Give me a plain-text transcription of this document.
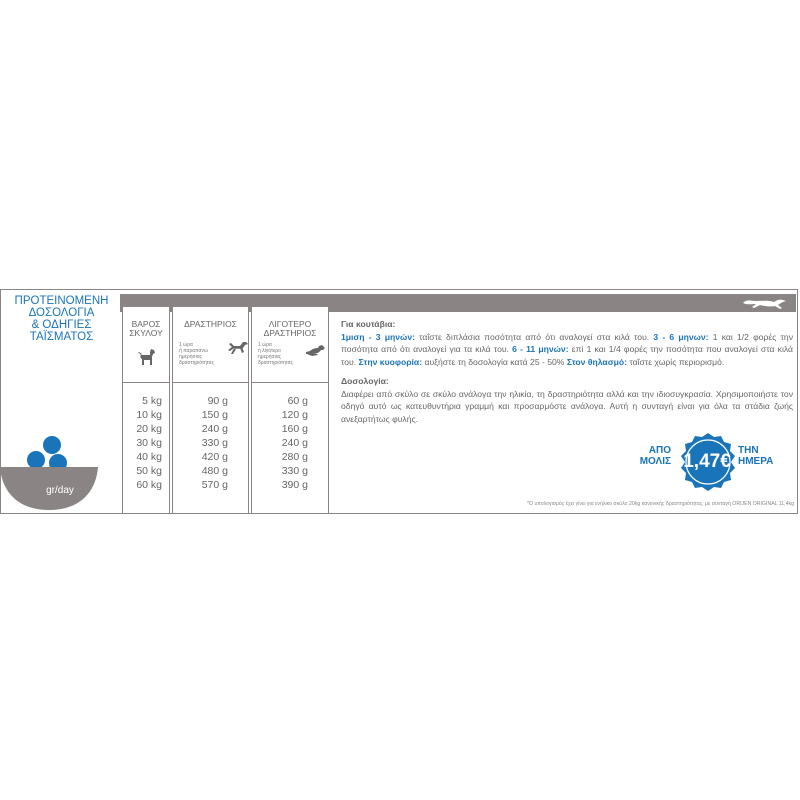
ΠΡΟΤΕΙΝΟΜΕΝΗ
ΔΟΣΟΛΟΓΙΑ
& ΟΔΗΓΙΕΣ
ΤΑΪΣΜΑΤΟΣ
gr/day
ΒΑΡΟΣ
ΣΚΥΛΟΥ
5 kg
10 kg
20 kg
30 kg
40 kg
50 kg
60 kg
ΔΡΑΣΤΗΡΙΟΣ
1 ώρα
ή παραπάνω
ημερήσιας
δραστηριότητας
90 g
150 g
240 g
330 g
420 g
480 g
570 g
ΛΙΓΟΤΕΡΟ
ΔΡΑΣΤΗΡΙΟΣ
1 ώρα
ή λιγότερο
ημερήσιας
δραστηριότητας
60 g
120 g
160 g
240 g
280 g
330 g
390 g

Για κουτάβια:

1μιση - 3 μηνών: ταΐστε διπλάσια ποσότητα από ότι αναλογεί στα κιλά του. 3 - 6 μηνων: 1 και 1/2 φορές την ποσότητα από ότι αναλογεί για τα κιλά του. 6 - 11 μηνών: επί 1 και 1/4 φορές την ποσότητα που αναλογεί στα κιλά του. Στην κυοφορία: αυξήστε τη δοσολογία κατά 25 - 50% Στον θηλασμό: ταΐστε χωρίς περιορισμό.

Δοσολογία:

Διαφέρει από σκύλο σε σκύλο ανάλογα την ηλικία, τη δραστηριότητα αλλά και την ιδιοσυγκρασία. Χρησιμοποιήστε τον οδηγό αυτό ως κατευθυντήρια γραμμή και προσαρμόστε ανάλογα. Αυτή η συνταγή είναι για όλα τα στάδια ζωής ανεξαρτήτως φυλής.

ΑΠΟ
ΜΟΛΙΣ 1,47€
ΤΗΝ
ΗΜΕΡΑ
*Ο υπολογισμός έχει γίνει για ενήλικο σκύλο 20kg κανονικής δραστηριότητας, με συνταγή ORIJEN ORIGINAL 11,4kg
